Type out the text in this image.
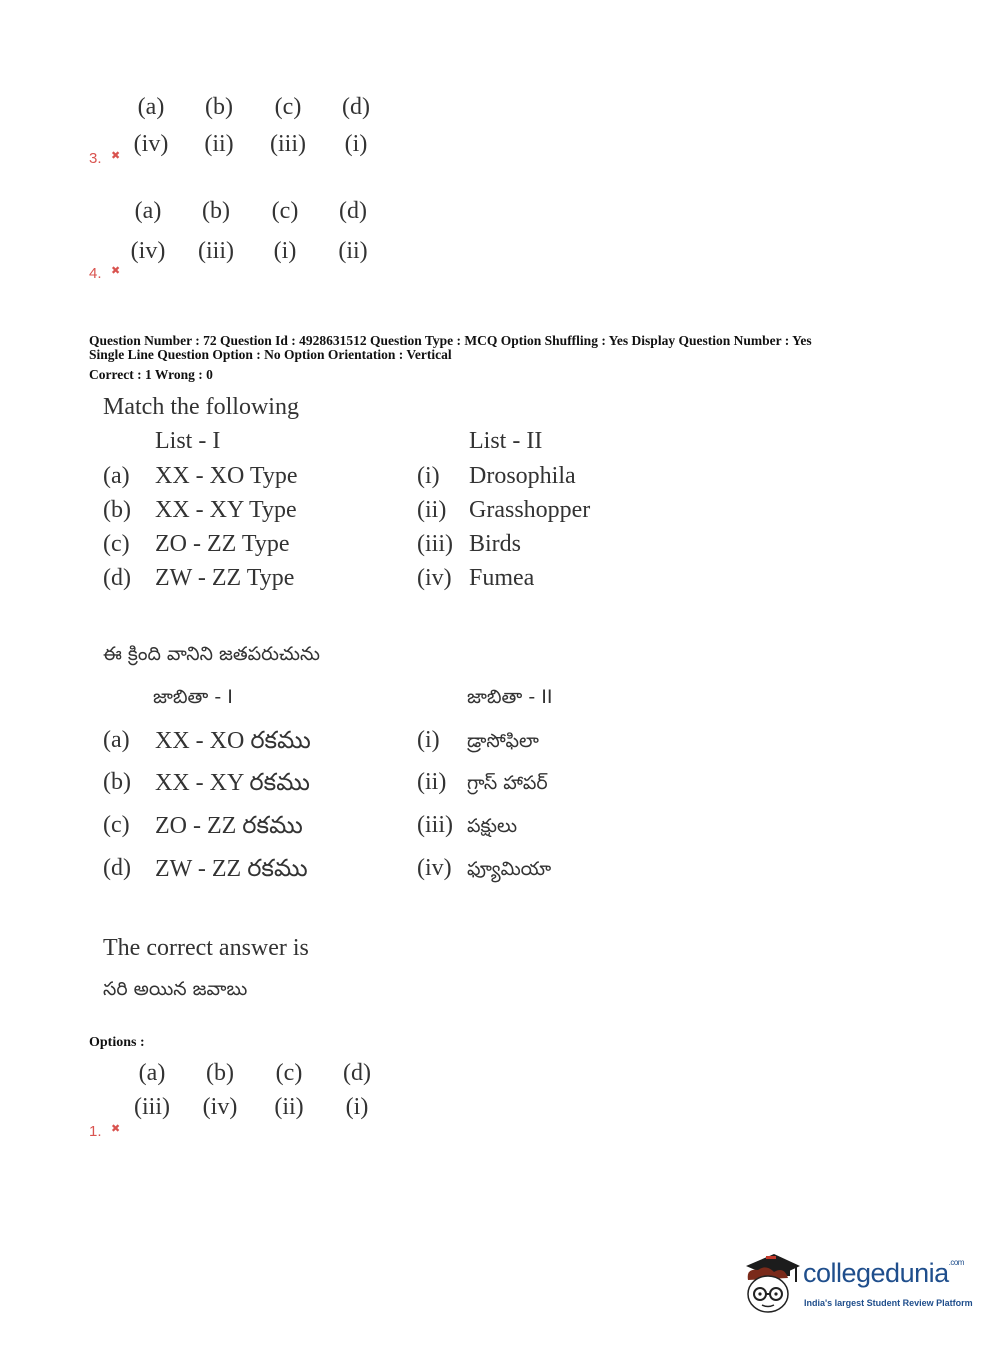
(a)	(b)	(c)	(d)
(iv)	(ii)	(iii)	(i)
3. ✖
(a)	(b)	(c)	(d)
(iv)	(iii)	(i)	(ii)
4. ✖
Question Number : 72 Question Id : 4928631512 Question Type : MCQ Option Shuffling : Yes Display Question Number : Yes
Single Line Question Option : No Option Orientation : Vertical
Correct : 1 Wrong : 0
Match the following
List - I	List - II
(a) XX - XO Type	(i) Drosophila
(b) XX - XY Type	(ii) Grasshopper
(c) ZO - ZZ Type	(iii) Birds
(d) ZW - ZZ Type	(iv) Fumea
ఈ క్రింది వానిని జతపరుచును
జాబితా - I	జాబితా - II
(a) XX - XO రకము	(i) డ్రాసోఫిలా
(b) XX - XY రకము	(ii) గ్రాస్ హాపర్
(c) ZO - ZZ రకము	(iii) పక్షులు
(d) ZW - ZZ రకము	(iv) ఫ్యూమియా
The correct answer is
సరి అయిన జవాబు
Options :
(a)	(b)	(c)	(d)
(iii)	(iv)	(ii)	(i)
1. ✖
collegedunia$^{.com}$
India's largest Student Review Platform
